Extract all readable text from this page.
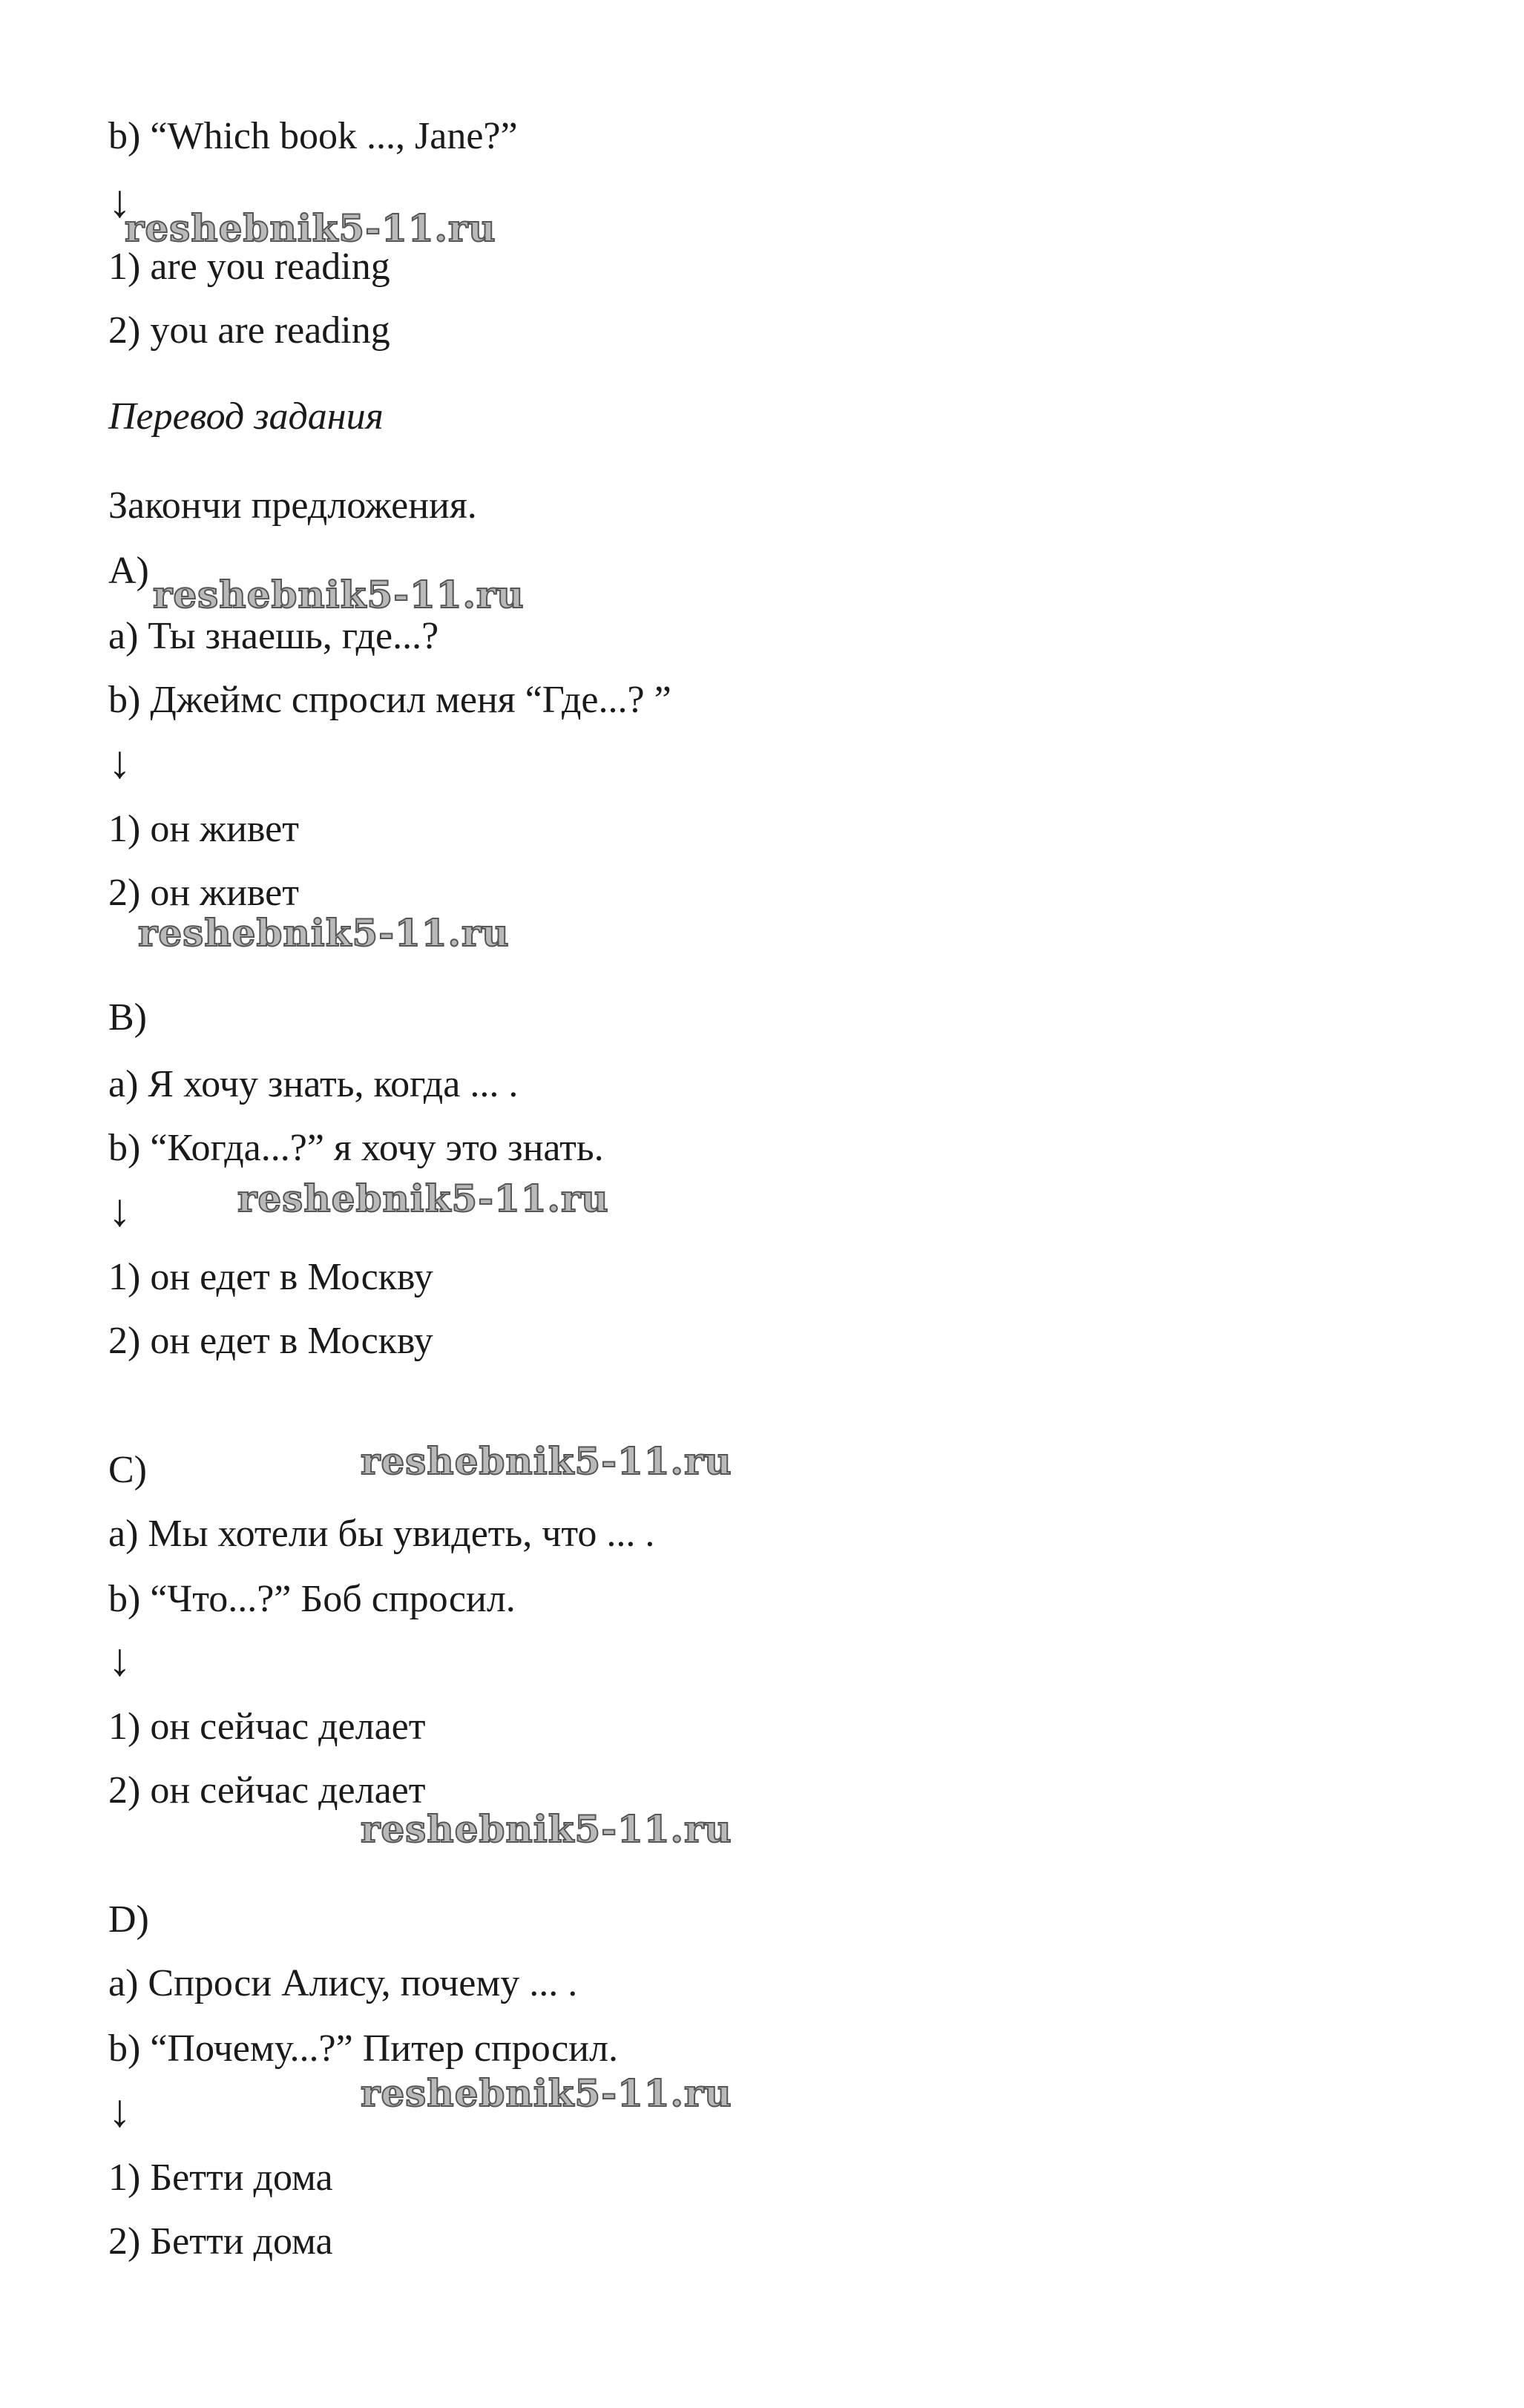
b) “Which book ..., Jane?”
↓
1) are you reading
2) you are reading
Перевод задания
Закончи предложения.
A)
a) Ты знаешь, где...?
b) Джеймс спросил меня “Где...? ”
↓
1) он живет
2) он живет
B)
a) Я хочу знать, когда ... .
b) “Когда...?” я хочу это знать.
↓
1) он едет в Москву
2) он едет в Москву
C)
a) Мы хотели бы увидеть, что ... .
b) “Что...?” Боб спросил.
↓
1) он сейчас делает
2) он сейчас делает
D)
a) Спроси Алису, почему ... .
b) “Почему...?” Питер спросил.
↓
1) Бетти дома
2) Бетти дома
reshebnik5-11.ru
reshebnik5-11.ru
reshebnik5-11.ru
reshebnik5-11.ru
reshebnik5-11.ru
reshebnik5-11.ru
reshebnik5-11.ru
